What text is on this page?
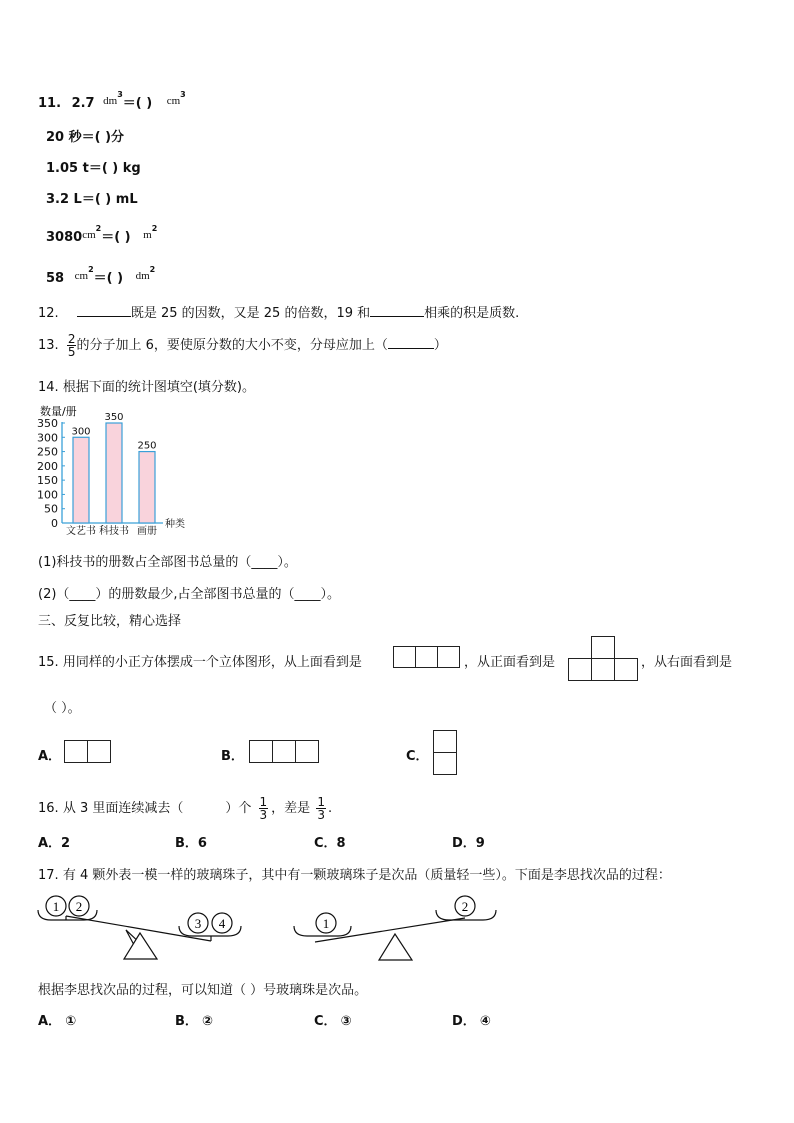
11. 2.7 $^{dm3}$＝( ) $^{cm3}$
20 秒＝( )分
1.05 t＝( ) kg
3.2 L＝( ) mL
$3080^{cm2}=$( ) $^{m2}$
58 $^{cm2}$＝( ) $^{dm2}$
12.	既是 25 的因数，又是 25 的倍数，19 和	相乘的积是质数.
13. $\frac{2}{5}$ 的分子加上 6，要使原分数的大小不变，分母应加上（	）
14. 根据下面的统计图填空(填分数)。
数量/册
0
50
100
150
200
250
300
350
300
文艺书
350
科技书
250
画册
种类
(1)科技书的册数占全部图书总量的（____）。
(2)（____）的册数最少,占全部图书总量的（____）。
三、反复比较，精心选择
15. 用同样的小正方体摆成一个立体图形，从上面看到是	，从正面看到是	，从右面看到是
（ ）。
A．	B．	C．
16. 从 3 里面连续减去（	）个 $\frac{1}{3}$ ，差是 $\frac{1}{3}$ .
A．2	B．6	C．8	D．9
17. 有 4 颗外表一模一样的玻璃珠子，其中有一颗玻璃珠子是次品（质量轻一些）。下面是李思找次品的过程：
1 2
3 4	1
2
根据李思找次品的过程，可以知道（ ）号玻璃珠是次品。
A． ①	B． ②	C． ③	D． ④
